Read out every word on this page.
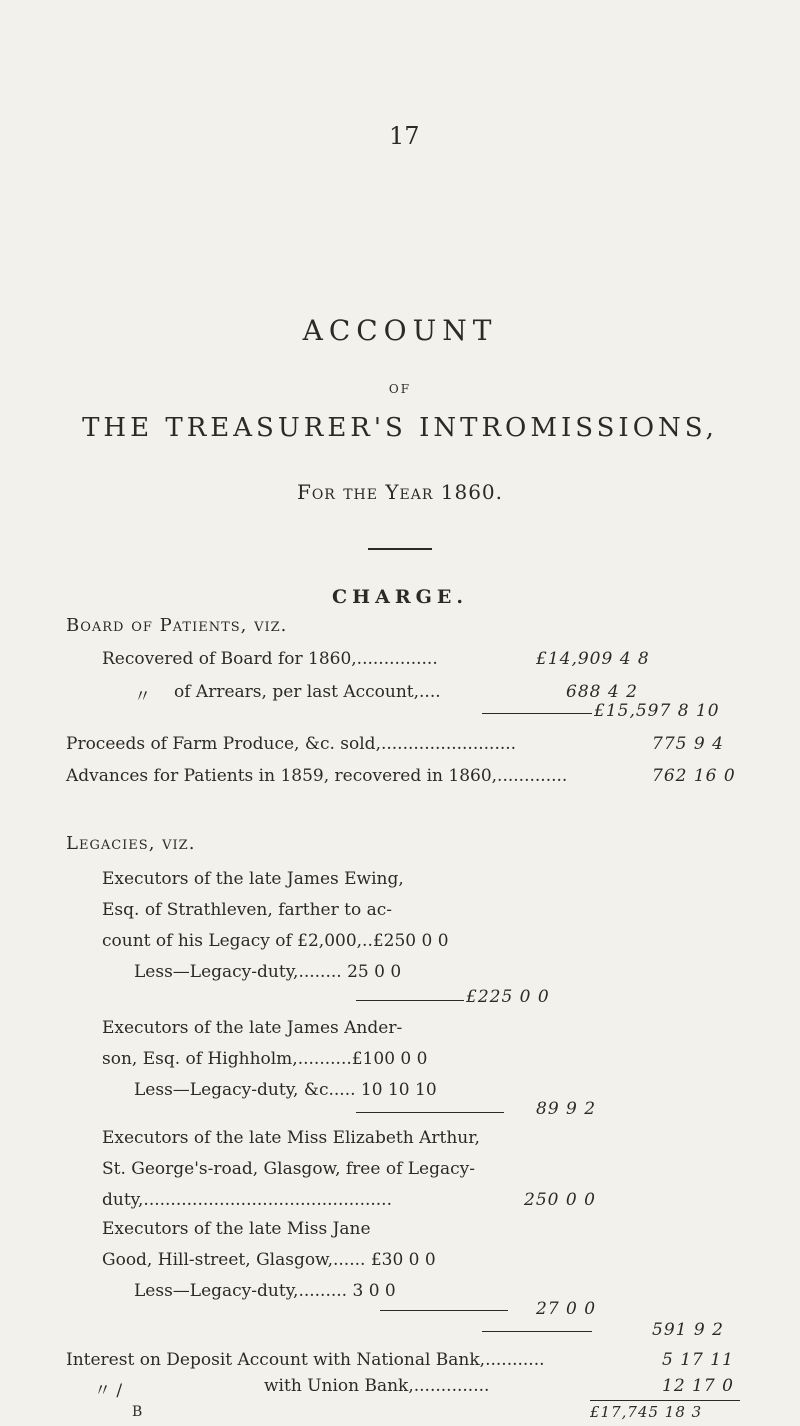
17
ACCOUNT
OF
THE TREASURER'S INTROMISSIONS,
For the Year 1860.
CHARGE.
Board of Patients, viz.
Recovered of Board for 1860,...............	£14,909 4 8
〃 of Arrears, per last Account,....	688 4 2
£15,597 8 10
Proceeds of Farm Produce, &c. sold,.........................	775 9 4
Advances for Patients in 1859, recovered in 1860,.............	762 16 0
Legacies, viz.
Executors of the late James Ewing,
Esq. of Strathleven, farther to ac-
count of his Legacy of £2,000,..£250 0 0
Less—Legacy-duty,........ 25 0 0
£225 0 0
Executors of the late James Ander-
son, Esq. of Highholm,..........£100 0 0
Less—Legacy-duty, &c..... 10 10 10
89 9 2
Executors of the late Miss Elizabeth Arthur,
St. George's-road, Glasgow, free of Legacy-
duty,..............................................	250 0 0
Executors of the late Miss Jane
Good, Hill-street, Glasgow,...... £30 0 0
Less—Legacy-duty,......... 3 0 0
27 0 0
591 9 2
Interest on Deposit Account with National Bank,...........	5 17 11
〃 /	with Union Bank,..............	12 17 0
£17,745 18 3
B
